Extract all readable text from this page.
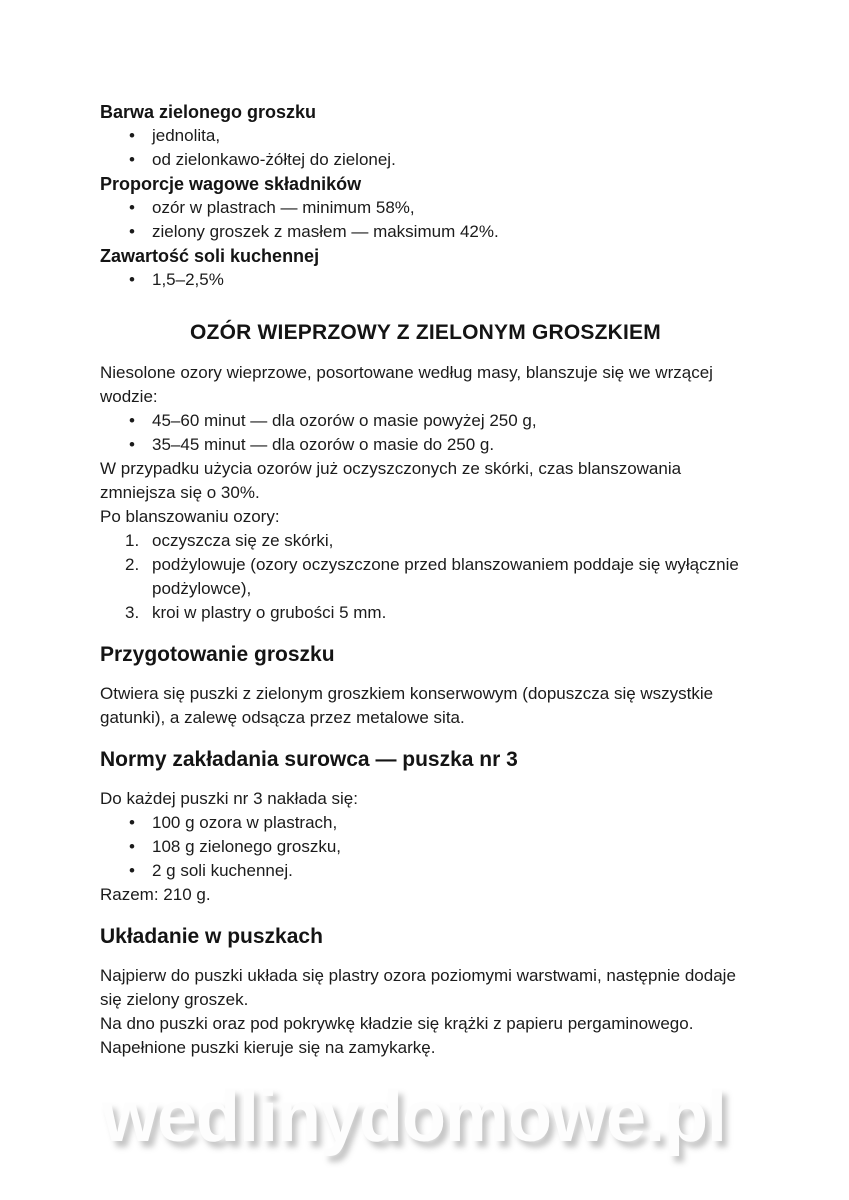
Barwa zielonego groszku
• jednolita,
• od zielonkawo-żółtej do zielonej.
Proporcje wagowe składników
• ozór w plastrach — minimum 58%,
• zielony groszek z masłem — maksimum 42%.
Zawartość soli kuchennej
• 1,5–2,5%
OZÓR WIEPRZOWY Z ZIELONYM GROSZKIEM

Niesolone ozory wieprzowe, posortowane według masy, blanszuje się we wrzącej wodzie:

• 45–60 minut — dla ozorów o masie powyżej 250 g,
• 35–45 minut — dla ozorów o masie do 250 g.

W przypadku użycia ozorów już oczyszczonych ze skórki, czas blanszowania zmniejsza się o 30%.

Po blanszowaniu ozory:

oczyszcza się ze skórki,
podżylowuje (ozory oczyszczone przed blanszowaniem poddaje się wyłącznie podżylowce),
kroi w plastry o grubości 5 mm.
Przygotowanie groszku

Otwiera się puszki z zielonym groszkiem konserwowym (dopuszcza się wszystkie gatunki), a zalewę odsącza przez metalowe sita.

Normy zakładania surowca — puszka nr 3

Do każdej puszki nr 3 nakłada się:

• 100 g ozora w plastrach,
• 108 g zielonego groszku,
• 2 g soli kuchennej.

Razem: 210 g.

Układanie w puszkach

Najpierw do puszki układa się plastry ozora poziomymi warstwami, następnie dodaje się zielony groszek.

Na dno puszki oraz pod pokrywkę kładzie się krążki z papieru pergaminowego.

Napełnione puszki kieruje się na zamykarkę.

wedlinydomowe.pl
